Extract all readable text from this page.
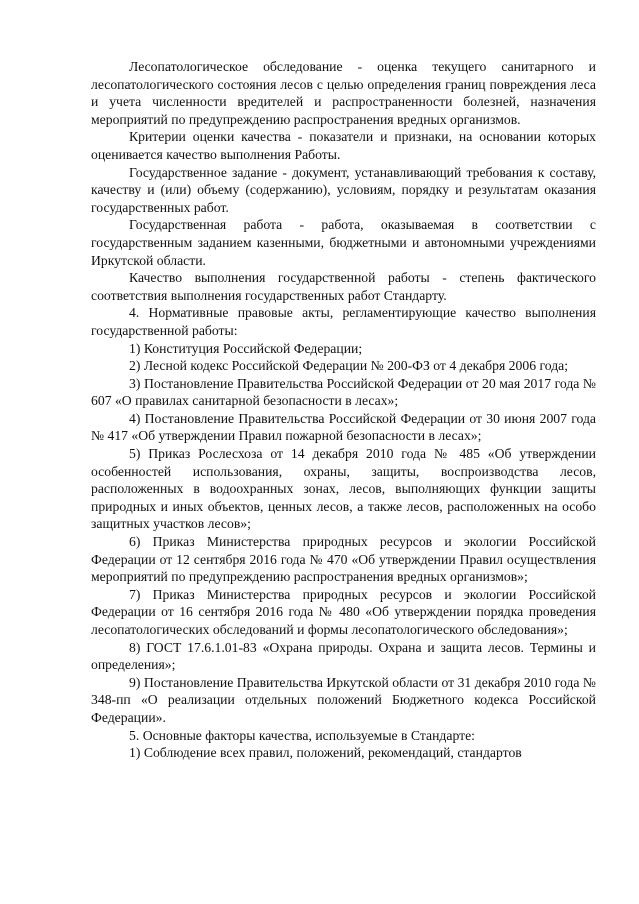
Лесопатологическое обследование - оценка текущего санитарного и лесопатологического состояния лесов с целью определения границ повреждения леса и учета численности вредителей и распространенности болезней, назначения мероприятий по предупреждению распространения вредных организмов.

Критерии оценки качества - показатели и признаки, на основании которых оценивается качество выполнения Работы.

Государственное задание - документ, устанавливающий требования к составу, качеству и (или) объему (содержанию), условиям, порядку и результатам оказания государственных работ.

Государственная работа - работа, оказываемая в соответствии с государственным заданием казенными, бюджетными и автономными учреждениями Иркутской области.

Качество выполнения государственной работы - степень фактического соответствия выполнения государственных работ Стандарту.

4. Нормативные правовые акты, регламентирующие качество выполнения государственной работы:

1) Конституция Российской Федерации;

2) Лесной кодекс Российской Федерации № 200-ФЗ от 4 декабря 2006 года;

3) Постановление Правительства Российской Федерации от 20 мая 2017 года № 607 «О правилах санитарной безопасности в лесах»;

4) Постановление Правительства Российской Федерации от 30 июня 2007 года № 417 «Об утверждении Правил пожарной безопасности в лесах»;

5) Приказ Рослесхоза от 14 декабря 2010 года № 485 «Об утверждении особенностей использования, охраны, защиты, воспроизводства лесов, расположенных в водоохранных зонах, лесов, выполняющих функции защиты природных и иных объектов, ценных лесов, а также лесов, расположенных на особо защитных участков лесов»;

6) Приказ Министерства природных ресурсов и экологии Российской Федерации от 12 сентября 2016 года № 470 «Об утверждении Правил осуществления мероприятий по предупреждению распространения вредных организмов»;

7) Приказ Министерства природных ресурсов и экологии Российской Федерации от 16 сентября 2016 года № 480 «Об утверждении порядка проведения лесопатологических обследований и формы лесопатологического обследования»;

8) ГОСТ 17.6.1.01-83 «Охрана природы. Охрана и защита лесов. Термины и определения»;

9) Постановление Правительства Иркутской области от 31 декабря 2010 года № 348-пп «О реализации отдельных положений Бюджетного кодекса Российской Федерации».

5. Основные факторы качества, используемые в Стандарте:

1) Соблюдение всех правил, положений, рекомендаций, стандартов
